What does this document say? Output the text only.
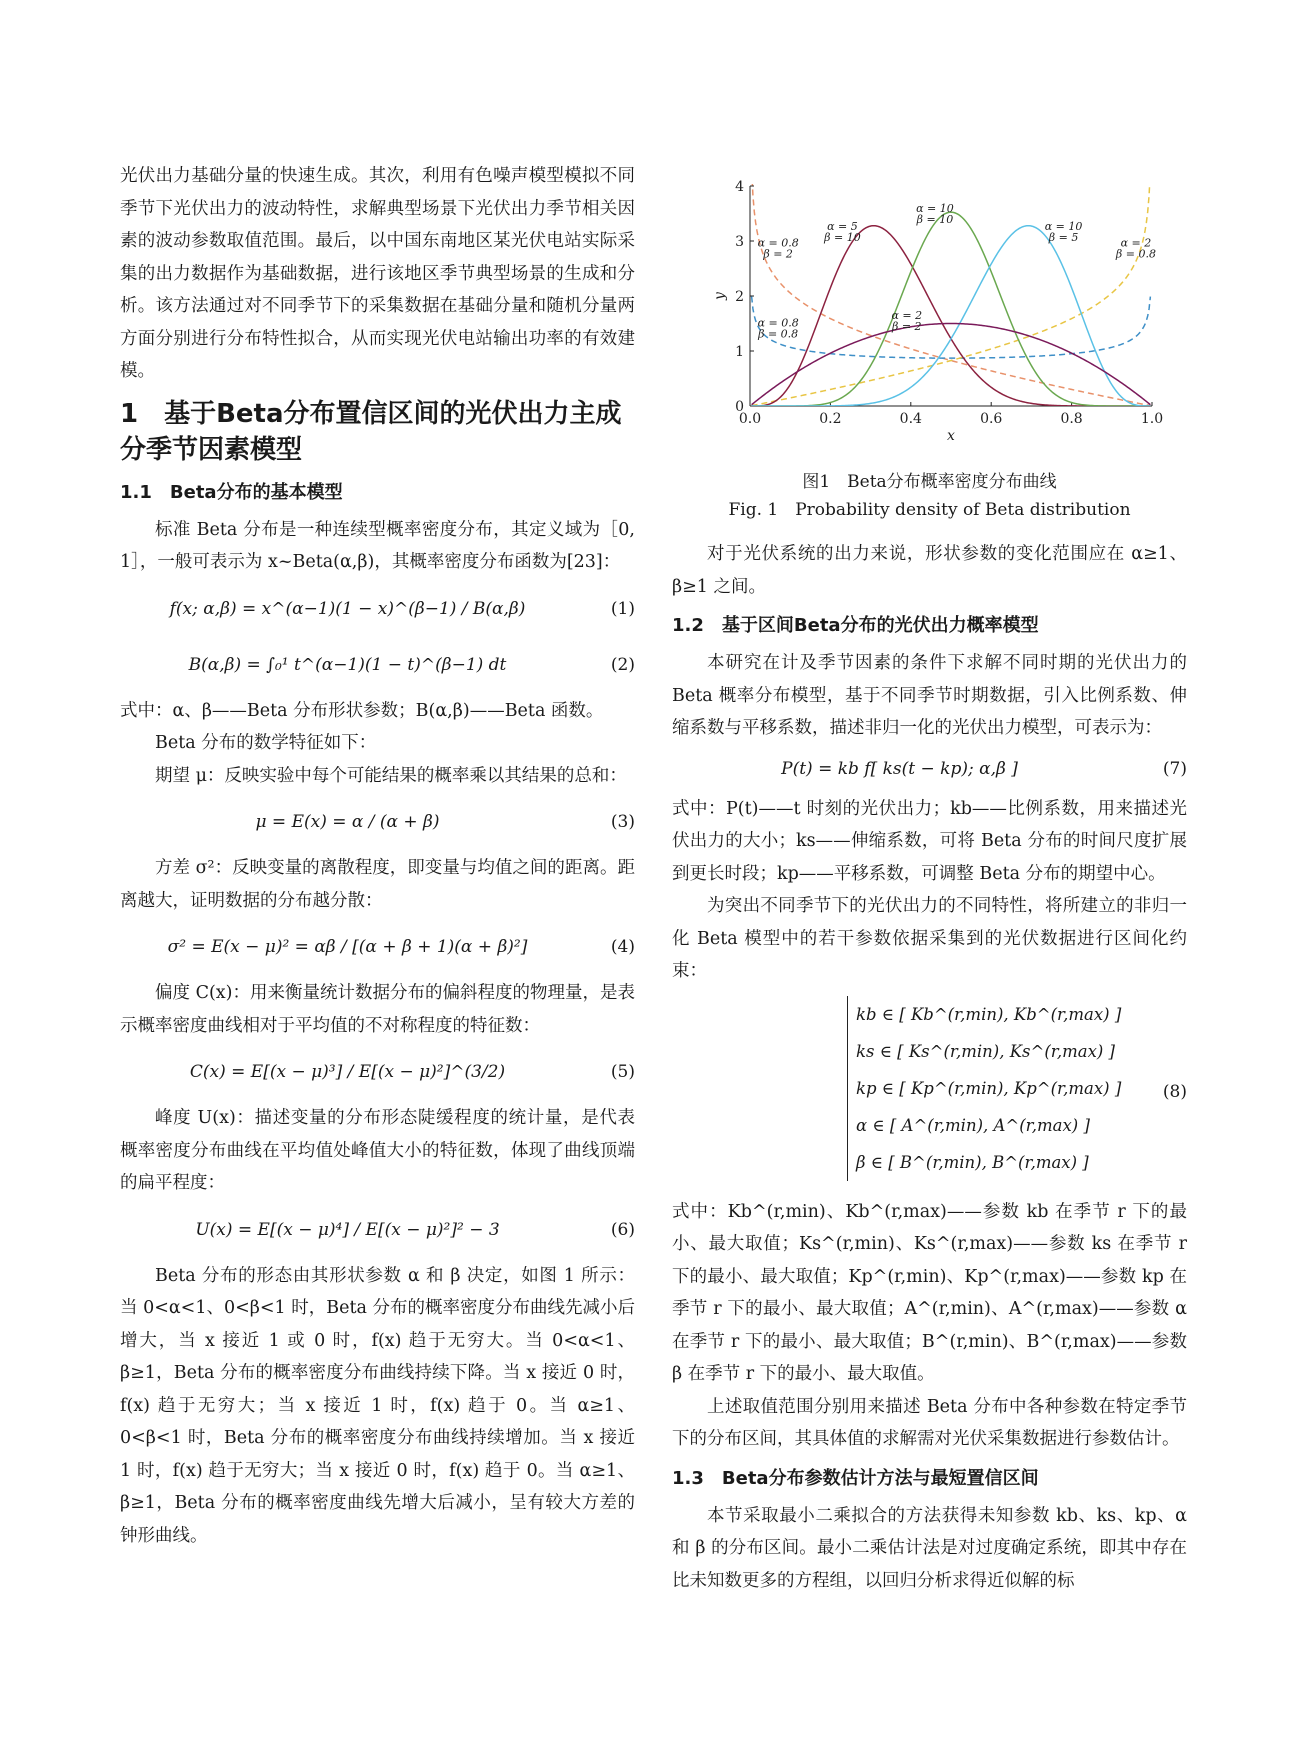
光伏出力基础分量的快速生成。其次，利用有色噪声模型模拟不同季节下光伏出力的波动特性，求解典型场景下光伏出力季节相关因素的波动参数取值范围。最后，以中国东南地区某光伏电站实际采集的出力数据作为基础数据，进行该地区季节典型场景的生成和分析。该方法通过对不同季节下的采集数据在基础分量和随机分量两方面分别进行分布特性拟合，从而实现光伏电站输出功率的有效建模。

1　基于Beta分布置信区间的光伏出力主成分季节因素模型
1.1　Beta分布的基本模型

标准 Beta 分布是一种连续型概率密度分布，其定义域为［0, 1］，一般可表示为 x~Beta(α,β)，其概率密度分布函数为[23]：

f(x; α,β) = x^(α−1)(1 − x)^(β−1) / B(α,β)	(1)
B(α,β) = ∫₀¹ t^(α−1)(1 − t)^(β−1) dt	(2)

式中：α、β——Beta 分布形状参数；B(α,β)——Beta 函数。

Beta 分布的数学特征如下：

期望 μ：反映实验中每个可能结果的概率乘以其结果的总和：

μ = E(x) = α / (α + β)	(3)

方差 σ²：反映变量的离散程度，即变量与均值之间的距离。距离越大，证明数据的分布越分散：

σ² = E(x − μ)² = αβ / [(α + β + 1)(α + β)²]	(4)

偏度 C(x)：用来衡量统计数据分布的偏斜程度的物理量，是表示概率密度曲线相对于平均值的不对称程度的特征数：

C(x) = E[(x − μ)³] / E[(x − μ)²]^(3/2)	(5)

峰度 U(x)：描述变量的分布形态陡缓程度的统计量，是代表概率密度分布曲线在平均值处峰值大小的特征数，体现了曲线顶端的扁平程度：

U(x) = E[(x − μ)⁴] / E[(x − μ)²]² − 3	(6)

Beta 分布的形态由其形状参数 α 和 β 决定，如图 1 所示：当 0<α<1、0<β<1 时，Beta 分布的概率密度分布曲线先减小后增大，当 x 接近 1 或 0 时，f(x) 趋于无穷大。当 0<α<1、β≥1，Beta 分布的概率密度分布曲线持续下降。当 x 接近 0 时，f(x) 趋于无穷大；当 x 接近 1 时，f(x) 趋于 0。当 α≥1、0<β<1 时，Beta 分布的概率密度分布曲线持续增加。当 x 接近 1 时，f(x) 趋于无穷大；当 x 接近 0 时，f(x) 趋于 0。当 α≥1、β≥1，Beta 分布的概率密度曲线先增大后减小，呈有较大方差的钟形曲线。

0.0	0.2	0.4	0.6	0.8	1.0
0
1
2
3
4
x
y
α = 0.8
β = 2
α = 0.8
β = 0.8
α = 2
β = 0.8
α = 5
β = 10
α = 10
β = 10
α = 10
β = 5
α = 2
β = 2

图1　Beta分布概率密度分布曲线

Fig. 1　Probability density of Beta distribution

对于光伏系统的出力来说，形状参数的变化范围应在 α≥1、β≥1 之间。

1.2　基于区间Beta分布的光伏出力概率模型

本研究在计及季节因素的条件下求解不同时期的光伏出力的 Beta 概率分布模型，基于不同季节时期数据，引入比例系数、伸缩系数与平移系数，描述非归一化的光伏出力模型，可表示为：

P(t) = kb f[ ks(t − kp); α,β ]	(7)

式中：P(t)——t 时刻的光伏出力；kb——比例系数，用来描述光伏出力的大小；ks——伸缩系数，可将 Beta 分布的时间尺度扩展到更长时段；kp——平移系数，可调整 Beta 分布的期望中心。

为突出不同季节下的光伏出力的不同特性，将所建立的非归一化 Beta 模型中的若干参数依据采集到的光伏数据进行区间化约束：

kb ∈ [ Kb^(r,min), Kb^(r,max) ]
ks ∈ [ Ks^(r,min), Ks^(r,max) ]
kp ∈ [ Kp^(r,min), Kp^(r,max) ]
α ∈ [ A^(r,min), A^(r,max) ]
β ∈ [ B^(r,min), B^(r,max) ]
(8)

式中：Kb^(r,min)、Kb^(r,max)——参数 kb 在季节 r 下的最小、最大取值；Ks^(r,min)、Ks^(r,max)——参数 ks 在季节 r 下的最小、最大取值；Kp^(r,min)、Kp^(r,max)——参数 kp 在季节 r 下的最小、最大取值；A^(r,min)、A^(r,max)——参数 α 在季节 r 下的最小、最大取值；B^(r,min)、B^(r,max)——参数 β 在季节 r 下的最小、最大取值。

上述取值范围分别用来描述 Beta 分布中各种参数在特定季节下的分布区间，其具体值的求解需对光伏采集数据进行参数估计。

1.3　Beta分布参数估计方法与最短置信区间

本节采取最小二乘拟合的方法获得未知参数 kb、ks、kp、α 和 β 的分布区间。最小二乘估计法是对过度确定系统，即其中存在比未知数更多的方程组，以回归分析求得近似解的标
